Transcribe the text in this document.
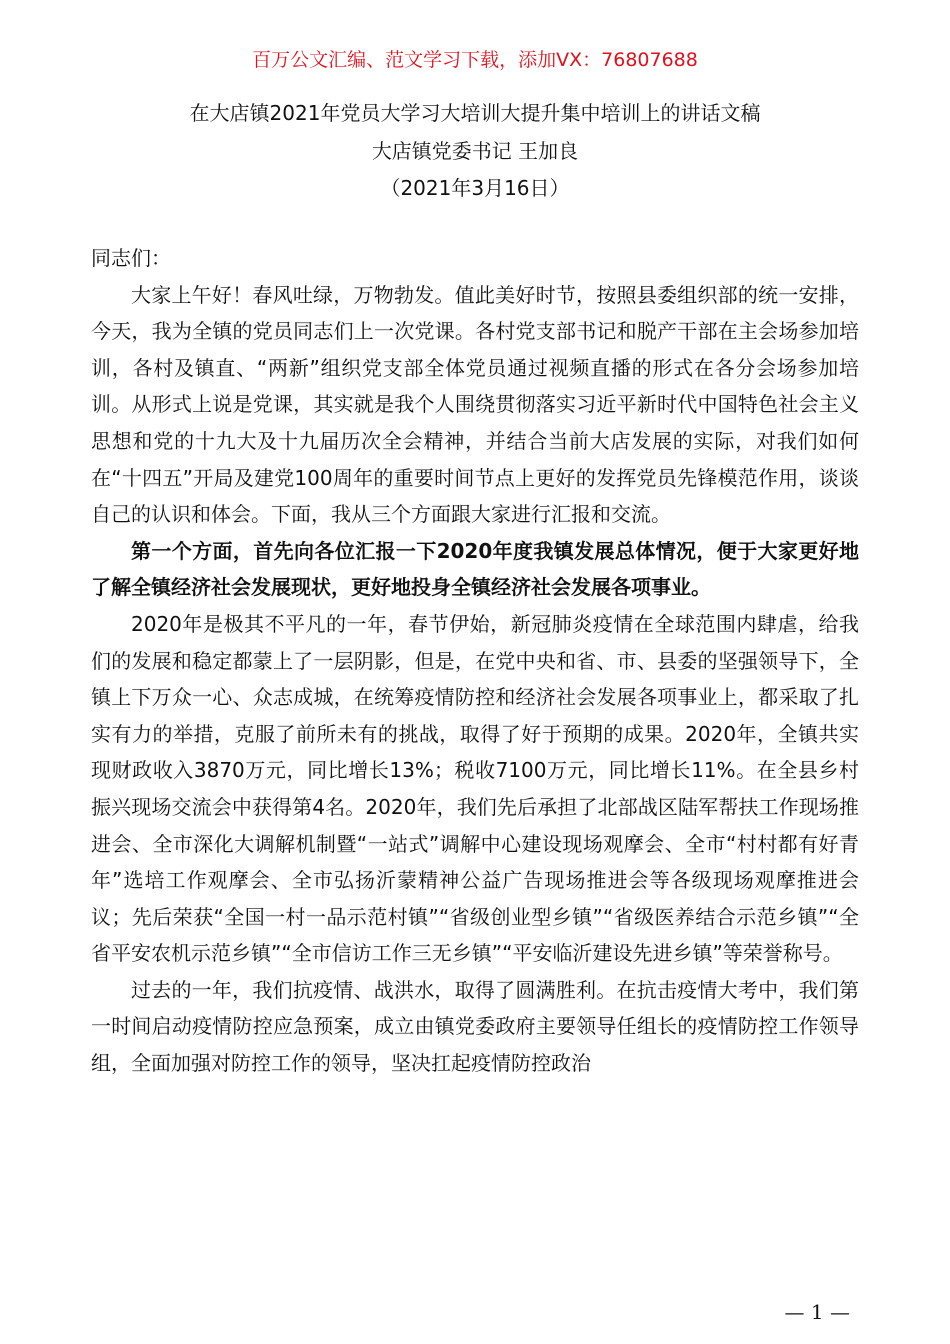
百万公文汇编、范文学习下载，添加VX：76807688
在大店镇2021年党员大学习大培训大提升集中培训上的讲话文稿
大店镇党委书记 王加良
（2021年3月16日）

同志们：

大家上午好！春风吐绿，万物勃发。值此美好时节，按照县委组织部的统一安排，今天，我为全镇的党员同志们上一次党课。各村党支部书记和脱产干部在主会场参加培训，各村及镇直、“两新”组织党支部全体党员通过视频直播的形式在各分会场参加培训。从形式上说是党课，其实就是我个人围绕贯彻落实习近平新时代中国特色社会主义思想和党的十九大及十九届历次全会精神，并结合当前大店发展的实际，对我们如何在“十四五”开局及建党100周年的重要时间节点上更好的发挥党员先锋模范作用，谈谈自己的认识和体会。下面，我从三个方面跟大家进行汇报和交流。

第一个方面，首先向各位汇报一下2020年度我镇发展总体情况，便于大家更好地了解全镇经济社会发展现状，更好地投身全镇经济社会发展各项事业。

2020年是极其不平凡的一年，春节伊始，新冠肺炎疫情在全球范围内肆虐，给我们的发展和稳定都蒙上了一层阴影，但是，在党中央和省、市、县委的坚强领导下，全镇上下万众一心、众志成城，在统筹疫情防控和经济社会发展各项事业上，都采取了扎实有力的举措，克服了前所未有的挑战，取得了好于预期的成果。2020年，全镇共实现财政收入3870万元，同比增长13%；税收7100万元，同比增长11%。在全县乡村振兴现场交流会中获得第4名。2020年，我们先后承担了北部战区陆军帮扶工作现场推进会、全市深化大调解机制暨“一站式”调解中心建设现场观摩会、全市“村村都有好青年”选培工作观摩会、全市弘扬沂蒙精神公益广告现场推进会等各级现场观摩推进会议；先后荣获“全国一村一品示范村镇”“省级创业型乡镇”“省级医养结合示范乡镇”“全省平安农机示范乡镇”“全市信访工作三无乡镇”“平安临沂建设先进乡镇”等荣誉称号。

过去的一年，我们抗疫情、战洪水，取得了圆满胜利。在抗击疫情大考中，我们第一时间启动疫情防控应急预案，成立由镇党委政府主要领导任组长的疫情防控工作领导组，全面加强对防控工作的领导，坚决扛起疫情防控政治

— 1 —
